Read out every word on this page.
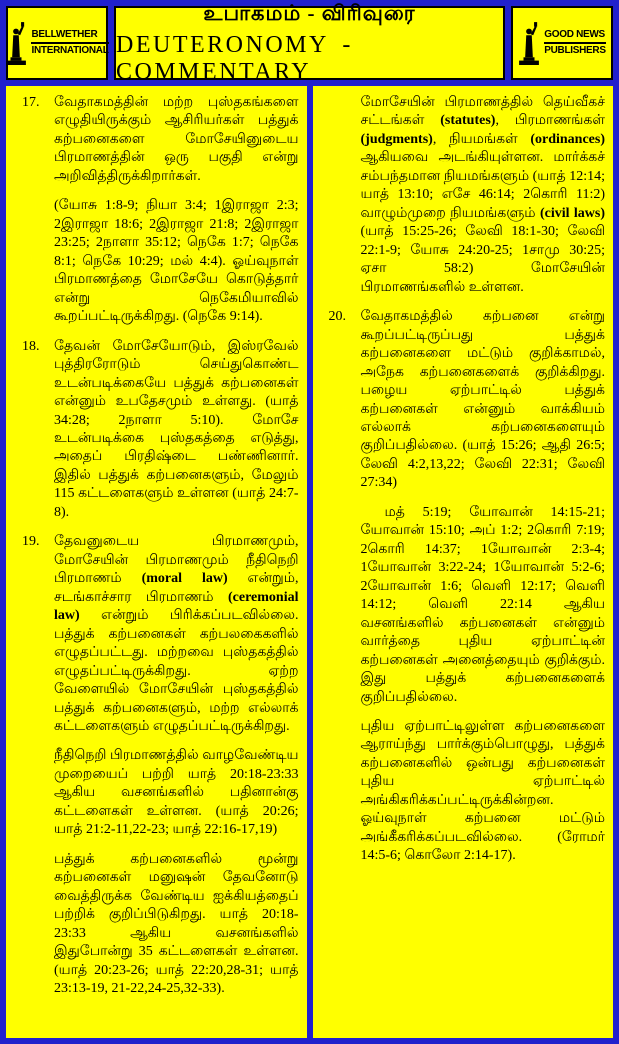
BELLWETHER
INTERNATIONAL
உபாகமம் - விரிவுரை
DEUTERONOMY - COMMENTARY
GOOD NEWS
PUBLISHERS
17.	வேதாகமத்தின் மற்ற புஸ்தகங்களை எழுதியிருக்கும் ஆசிரியர்கள் பத்துக் கற்பனைகளை மோசேயினுடைய பிரமாணத்தின் ஒரு பகுதி என்று அறிவித்திருக்கிறார்கள்.
(யோசு 1:8-9; நியா 3:4; 1இராஜா 2:3; 2இராஜா 18:6; 2இராஜா 21:8; 2இராஜா 23:25; 2நாளா 35:12; நெகே 1:7; நெகே 8:1; நெகே 10:29; மல் 4:4). ஓய்வுநாள் பிரமாணத்தை மோசேயே கொடுத்தார் என்று நெகேமியாவில் கூறப்பட்டிருக்கிறது. (நெகே 9:14).
18.	தேவன் மோசேயோடும், இஸ்ரவேல் புத்திரரோடும் செய்துகொண்ட உடன்படிக்கையே பத்துக் கற்பனைகள் என்னும் உபதேசமும் உள்ளது. (யாத் 34:28; 2நாளா 5:10). மோசே உடன்படிக்கை புஸ்தகத்தை எடுத்து, அதைப் பிரதிஷ்டை பண்ணினார். இதில் பத்துக் கற்பனைகளும், மேலும் 115 கட்டளைகளும் உள்ளன (யாத் 24:7-8).
19.	தேவனுடைய பிரமாணமும், மோசேயின் பிரமாணமும் நீதிநெறி பிரமாணம் (moral law) என்றும், சடங்காச்சார பிரமாணம் (ceremonial law) என்றும் பிரிக்கப்படவில்லை. பத்துக் கற்பனைகள் கற்பலகைகளில் எழுதப்பட்டது. மற்றவை புஸ்தகத்தில் எழுதப்பட்டிருக்கிறது. ஏற்ற வேளையில் மோசேயின் புஸ்தகத்தில் பத்துக் கற்பனைகளும், மற்ற எல்லாக் கட்டளைகளும் எழுதப்பட்டிருக்கிறது.
நீதிநெறி பிரமாணத்தில் வாழவேண்டிய முறையைப் பற்றி யாத் 20:18-23:33 ஆகிய வசனங்களில் பதினான்கு கட்டளைகள் உள்ளன. (யாத் 20:26; யாத் 21:2-11,22-23; யாத் 22:16-17,19)
பத்துக் கற்பனைகளில் மூன்று கற்பனைகள் மனுஷன் தேவனோடு வைத்திருக்க வேண்டிய ஐக்கியத்தைப் பற்றிக் குறிப்பிடுகிறது. யாத் 20:18-23:33 ஆகிய வசனங்களில் இதுபோன்று 35 கட்டளைகள் உள்ளன. (யாத் 20:23-26; யாத் 22:20,28-31; யாத் 23:13-19, 21-22,24-25,32-33).
மோசேயின் பிரமாணத்தில் தெய்வீகச் சட்டங்கள் (statutes), பிரமாணங்கள் (judgments), நியமங்கள் (ordinances) ஆகியவை அடங்கியுள்ளன. மார்க்கச் சம்பந்தமான நியமங்களும் (யாத் 12:14; யாத் 13:10; எசே 46:14; 2கொரி 11:2) வாழும்முறை நியமங்களும் (civil laws) (யாத் 15:25-26; லேவி 18:1-30; லேவி 22:1-9; யோசு 24:20-25; 1சாமு 30:25; ஏசா 58:2) மோசேயின் பிரமாணங்களில் உள்ளன.
20.	வேதாகமத்தில் கற்பனை என்று கூறப்பட்டிருப்பது பத்துக் கற்பனைகளை மட்டும் குறிக்காமல், அநேக கற்பனைகளைக் குறிக்கிறது. பழைய ஏற்பாட்டில் பத்துக் கற்பனைகள் என்னும் வாக்கியம் எல்லாக் கற்பனைகளையும் குறிப்பதில்லை. (யாத் 15:26; ஆதி 26:5; லேவி 4:2,13,22; லேவி 22:31; லேவி 27:34)
மத் 5:19; யோவான் 14:15-21; யோவான் 15:10; அப் 1:2; 2கொரி 7:19; 2கொரி 14:37; 1யோவான் 2:3-4; 1யோவான் 3:22-24; 1யோவான் 5:2-6; 2யோவான் 1:6; வெளி 12:17; வெளி 14:12; வெளி 22:14 ஆகிய வசனங்களில் கற்பனைகள் என்னும் வார்த்தை புதிய ஏற்பாட்டின் கற்பனைகள் அனைத்தையும் குறிக்கும். இது பத்துக் கற்பனைகளைக் குறிப்பதில்லை.
புதிய ஏற்பாட்டிலுள்ள கற்பனைகளை ஆராய்ந்து பார்க்கும்பொழுது, பத்துக் கற்பனைகளில் ஒன்பது கற்பனைகள் புதிய ஏற்பாட்டில் அங்கிகரிக்கப்பட்டிருக்கின்றன. ஓய்வுநாள் கற்பனை மட்டும் அங்கீகரிக்கப்படவில்லை. (ரோமர் 14:5-6; கொலோ 2:14-17).
